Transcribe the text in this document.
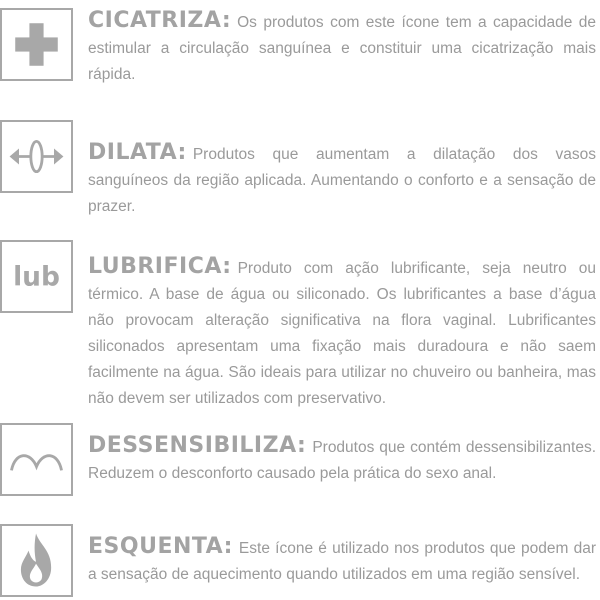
CICATRIZA: Os produtos com este ícone tem a capacidade de estimular a circulação sanguínea e constituir uma cicatrização mais rápida.
DILATA: Produtos que aumentam a dilatação dos vasos sanguíneos da região aplicada. Aumentando o conforto e a sensação de prazer.
lub LUBRIFICA: Produto com ação lubrificante, seja neutro ou térmico. A base de água ou siliconado. Os lubrificantes a base d’água não provocam alteração significativa na flora vaginal. Lubrificantes siliconados apresentam uma fixação mais duradoura e não saem facilmente na água. São ideais para utilizar no chuveiro ou banheira, mas não devem ser utilizados com preservativo.
DESSENSIBILIZA: Produtos que contém dessensibilizantes. Reduzem o desconforto causado pela prática do sexo anal.
ESQUENTA: Este ícone é utilizado nos produtos que podem dar a sensação de aquecimento quando utilizados em uma região sensível.
